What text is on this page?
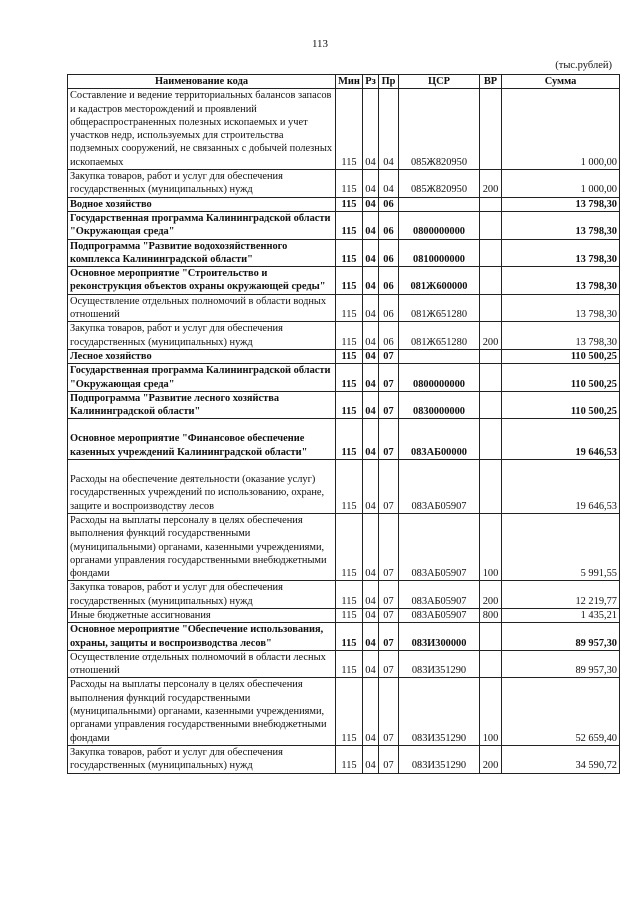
113
(тыс.рублей)
Наименование кода	Мин	Рз	Пр	ЦСР	ВР	Сумма
Составление и ведение территориальных балансов запасов и кадастров месторождений и проявлений общераспространенных полезных ископаемых и учет участков недр, используемых для строительства подземных сооружений, не связанных с добычей полезных ископаемых	115	04	04	085Ж820950		1 000,00
Закупка товаров, работ и услуг для обеспечения государственных (муниципальных) нужд	115	04	04	085Ж820950	200	1 000,00
Водное хозяйство	115	04	06			13 798,30
Государственная программа Калининградской области "Окружающая среда"	115	04	06	0800000000		13 798,30
Подпрограмма "Развитие водохозяйственного комплекса Калининградской области"	115	04	06	0810000000		13 798,30
Основное мероприятие "Строительство и реконструкция объектов охраны окружающей среды"	115	04	06	081Ж600000		13 798,30
Осуществление отдельных полномочий в области водных отношений	115	04	06	081Ж651280		13 798,30
Закупка товаров, работ и услуг для обеспечения государственных (муниципальных) нужд	115	04	06	081Ж651280	200	13 798,30
Лесное хозяйство	115	04	07			110 500,25
Государственная программа Калининградской области "Окружающая среда"	115	04	07	0800000000		110 500,25
Подпрограмма "Развитие лесного хозяйства Калининградской области"	115	04	07	0830000000		110 500,25
Основное мероприятие "Финансовое обеспечение казенных учреждений Калининградской области"	115	04	07	083АБ00000		19 646,53
Расходы на обеспечение деятельности (оказание услуг) государственных учреждений по использованию, охране, защите и воспроизводству лесов	115	04	07	083АБ05907		19 646,53
Расходы на выплаты персоналу в целях обеспечения выполнения функций государственными (муниципальными) органами, казенными учреждениями, органами управления государственными внебюджетными фондами	115	04	07	083АБ05907	100	5 991,55
Закупка товаров, работ и услуг для обеспечения государственных (муниципальных) нужд	115	04	07	083АБ05907	200	12 219,77
Иные бюджетные ассигнования	115	04	07	083АБ05907	800	1 435,21
Основное мероприятие "Обеспечение использования, охраны, защиты и воспроизводства лесов"	115	04	07	083И300000		89 957,30
Осуществление отдельных полномочий в области лесных отношений	115	04	07	083И351290		89 957,30
Расходы на выплаты персоналу в целях обеспечения выполнения функций государственными (муниципальными) органами, казенными учреждениями, органами управления государственными внебюджетными фондами	115	04	07	083И351290	100	52 659,40
Закупка товаров, работ и услуг для обеспечения государственных (муниципальных) нужд	115	04	07	083И351290	200	34 590,72
